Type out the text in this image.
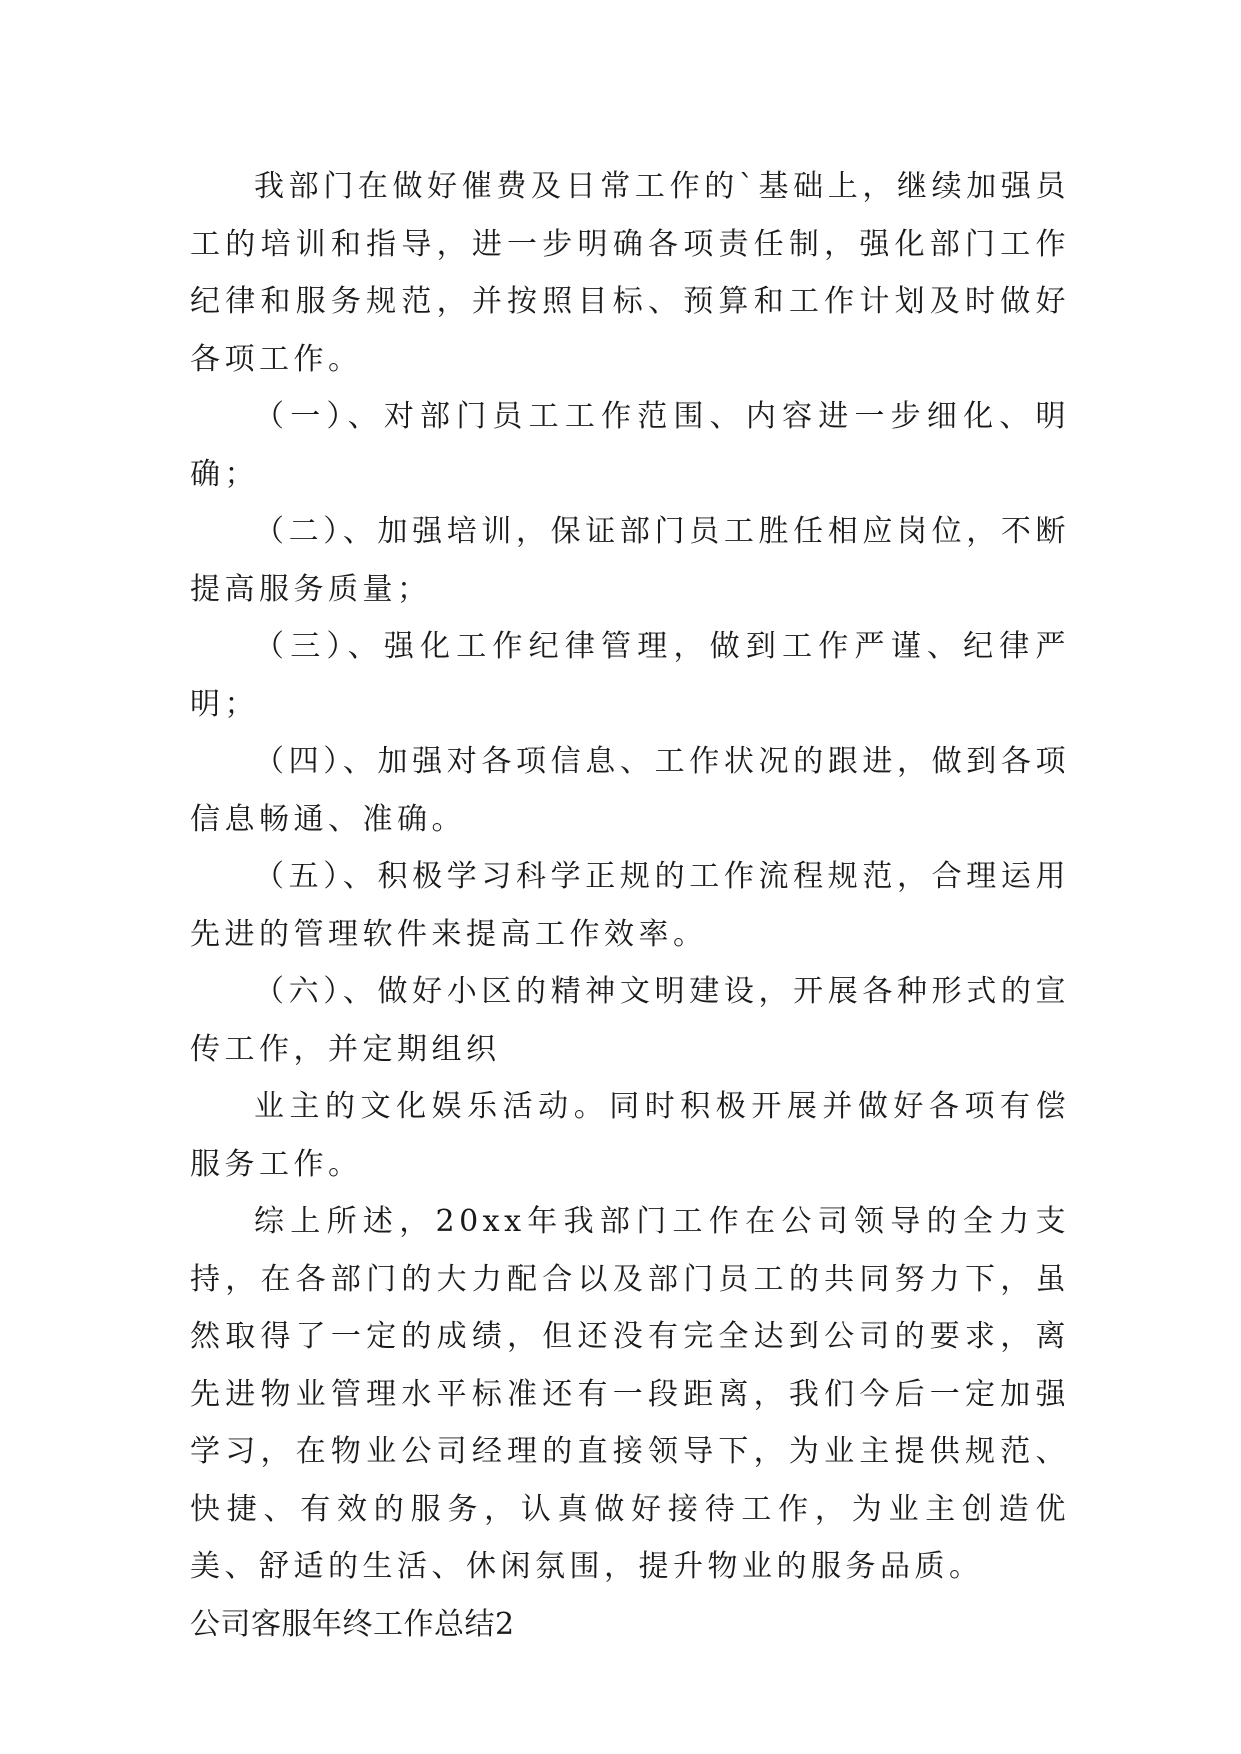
我部门在做好催费及日常工作的`基础上，继续加强员工的培训和指导，进一步明确各项责任制，强化部门工作纪律和服务规范，并按照目标、预算和工作计划及时做好各项工作。

（一）、对部门员工工作范围、内容进一步细化、明确；

（二）、加强培训，保证部门员工胜任相应岗位，不断提高服务质量；

（三）、强化工作纪律管理，做到工作严谨、纪律严明；

（四）、加强对各项信息、工作状况的跟进，做到各项信息畅通、准确。

（五）、积极学习科学正规的工作流程规范，合理运用先进的管理软件来提高工作效率。

（六）、做好小区的精神文明建设，开展各种形式的宣传工作，并定期组织

业主的文化娱乐活动。同时积极开展并做好各项有偿服务工作。

综上所述，20xx年我部门工作在公司领导的全力支持，在各部门的大力配合以及部门员工的共同努力下，虽然取得了一定的成绩，但还没有完全达到公司的要求，离先进物业管理水平标准还有一段距离，我们今后一定加强学习，在物业公司经理的直接领导下，为业主提供规范、快捷、有效的服务，认真做好接待工作，为业主创造优美、舒适的生活、休闲氛围，提升物业的服务品质。

公司客服年终工作总结2
